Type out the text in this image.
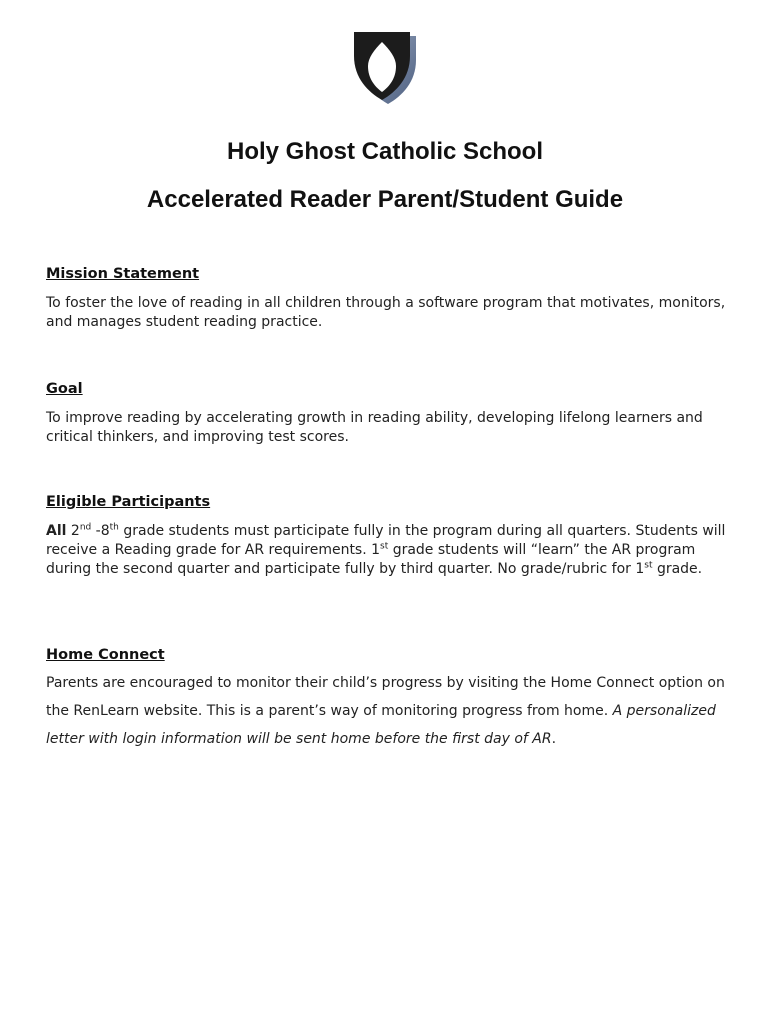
Holy Ghost Catholic School
Accelerated Reader Parent/Student Guide

Mission Statement

To foster the love of reading in all children through a software program that motivates, monitors, and manages student reading practice.

Goal

To improve reading by accelerating growth in reading ability, developing lifelong learners and critical thinkers, and improving test scores.

Eligible Participants

All 2nd -8th grade students must participate fully in the program during all quarters. Students will receive a Reading grade for AR requirements. 1st grade students will “learn” the AR program during the second quarter and participate fully by third quarter. No grade/rubric for 1st grade.

Home Connect

Parents are encouraged to monitor their child’s progress by visiting the Home Connect option on the RenLearn website. This is a parent’s way of monitoring progress from home. A personalized letter with login information will be sent home before the first day of AR.
